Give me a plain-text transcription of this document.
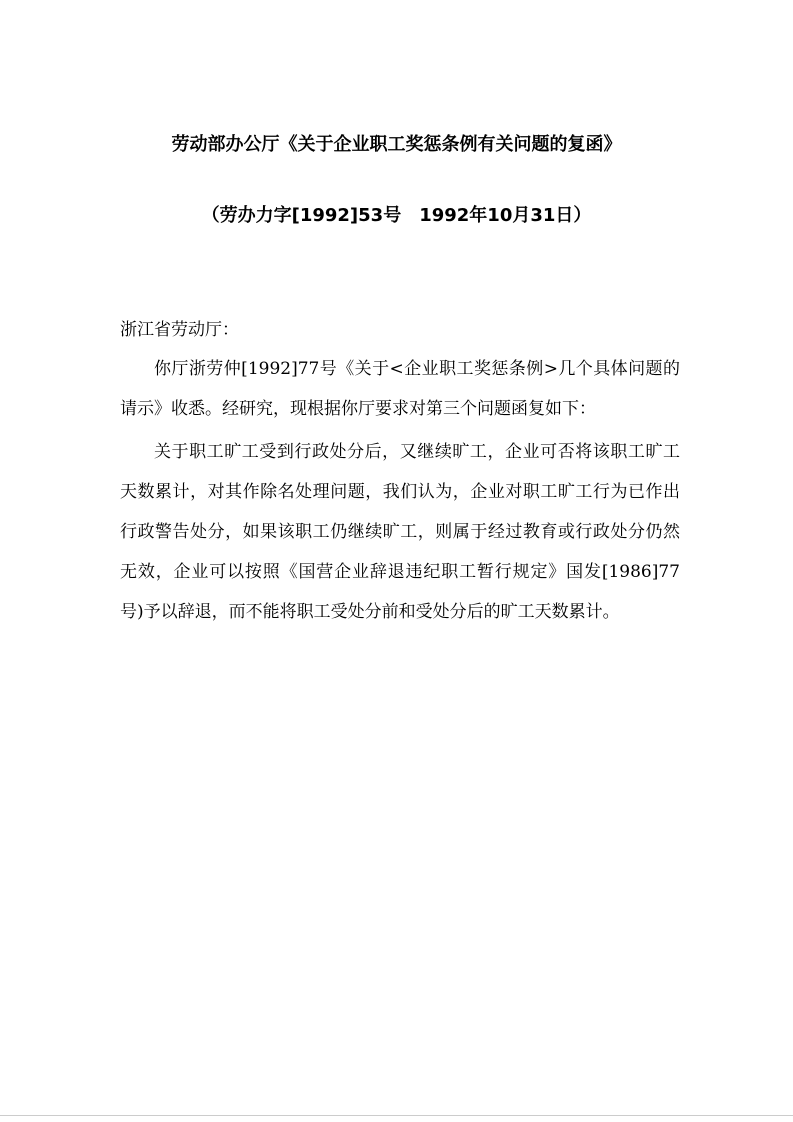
劳动部办公厅《关于企业职工奖惩条例有关问题的复函》
（劳办力字[1992]53号　1992年10月31日）
浙江省劳动厅：

你厅浙劳仲[1992]77号《关于<企业职工奖惩条例>几个具体问题的请示》收悉。经研究，现根据你厅要求对第三个问题函复如下：

关于职工旷工受到行政处分后，又继续旷工，企业可否将该职工旷工天数累计，对其作除名处理问题，我们认为，企业对职工旷工行为已作出行政警告处分，如果该职工仍继续旷工，则属于经过教育或行政处分仍然无效，企业可以按照《国营企业辞退违纪职工暂行规定》国发[1986]77号)予以辞退，而不能将职工受处分前和受处分后的旷工天数累计。
